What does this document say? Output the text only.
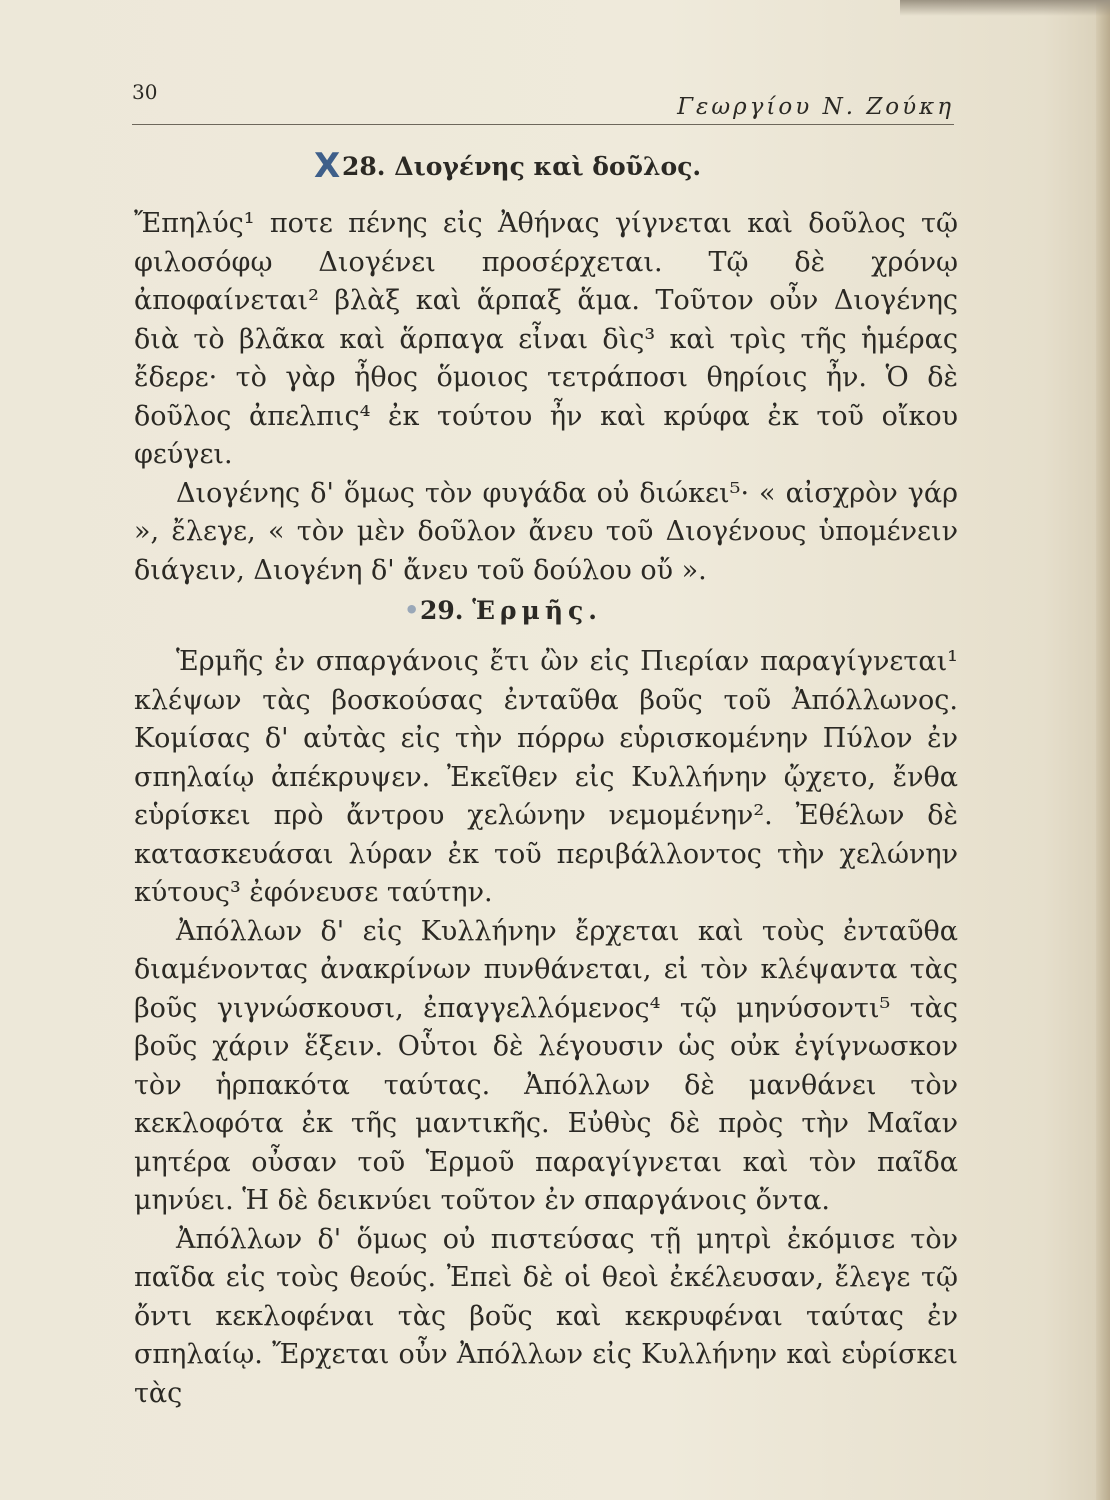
30
Γεωργίου Ν. Ζούκη
Χ 28. Διογένης καὶ δοῦλος.

Ἔπηλύς¹ ποτε πένης εἰς Ἀθήνας γίγνεται καὶ δοῦλος τῷ φιλοσόφῳ Διογένει προσέρχεται. Τῷ δὲ χρόνῳ ἀποφαίνεται² βλὰξ καὶ ἅρπαξ ἅμα. Τοῦτον οὖν Διογένης διὰ τὸ βλᾶκα καὶ ἅρπαγα εἶναι δὶς³ καὶ τρὶς τῆς ἡμέρας ἔδερε· τὸ γὰρ ἦθος ὅμοιος τετράποσι θηρίοις ἦν. Ὁ δὲ δοῦλος ἀπελπις⁴ ἐκ τούτου ἦν καὶ κρύφα ἐκ τοῦ οἴκου φεύγει.

Διογένης δ' ὅμως τὸν φυγάδα οὐ διώκει⁵· « αἰσχρὸν γάρ », ἔλεγε, « τὸν μὲν δοῦλον ἄνευ τοῦ Διογένους ὑπομένειν διάγειν, Διογένη δ' ἄνευ τοῦ δούλου οὔ ».

• 29. Ἑρμῆς.

Ἑρμῆς ἐν σπαργάνοις ἔτι ὢν εἰς Πιερίαν παραγίγνεται¹ κλέψων τὰς βοσκούσας ἐνταῦθα βοῦς τοῦ Ἀπόλλωνος. Κομίσας δ' αὐτὰς εἰς τὴν πόρρω εὑρισκομένην Πύλον ἐν σπηλαίῳ ἀπέκρυψεν. Ἐκεῖθεν εἰς Κυλλήνην ᾤχετο, ἔνθα εὑρίσκει πρὸ ἄντρου χελώνην νεμομένην². Ἐθέλων δὲ κατασκευάσαι λύραν ἐκ τοῦ περιβάλλοντος τὴν χελώνην κύτους³ ἐφόνευσε ταύτην.

Ἀπόλλων δ' εἰς Κυλλήνην ἔρχεται καὶ τοὺς ἐνταῦθα διαμένοντας ἀνακρίνων πυνθάνεται, εἰ τὸν κλέψαντα τὰς βοῦς γιγνώσκουσι, ἐπαγγελλόμενος⁴ τῷ μηνύσοντι⁵ τὰς βοῦς χάριν ἕξειν. Οὗτοι δὲ λέγουσιν ὡς οὐκ ἐγίγνωσκον τὸν ἡρπακότα ταύτας. Ἀπόλλων δὲ μανθάνει τὸν κεκλοφότα ἐκ τῆς μαντικῆς. Εὐθὺς δὲ πρὸς τὴν Μαῖαν μητέρα οὖσαν τοῦ Ἑρμοῦ παραγίγνεται καὶ τὸν παῖδα μηνύει. Ἡ δὲ δεικνύει τοῦτον ἐν σπαργάνοις ὄντα.

Ἀπόλλων δ' ὅμως οὐ πιστεύσας τῇ μητρὶ ἐκόμισε τὸν παῖδα εἰς τοὺς θεούς. Ἐπεὶ δὲ οἱ θεοὶ ἐκέλευσαν, ἔλεγε τῷ ὄντι κεκλοφέναι τὰς βοῦς καὶ κεκρυφέναι ταύτας ἐν σπηλαίῳ. Ἔρχεται οὖν Ἀπόλλων εἰς Κυλλήνην καὶ εὑρίσκει τὰς
